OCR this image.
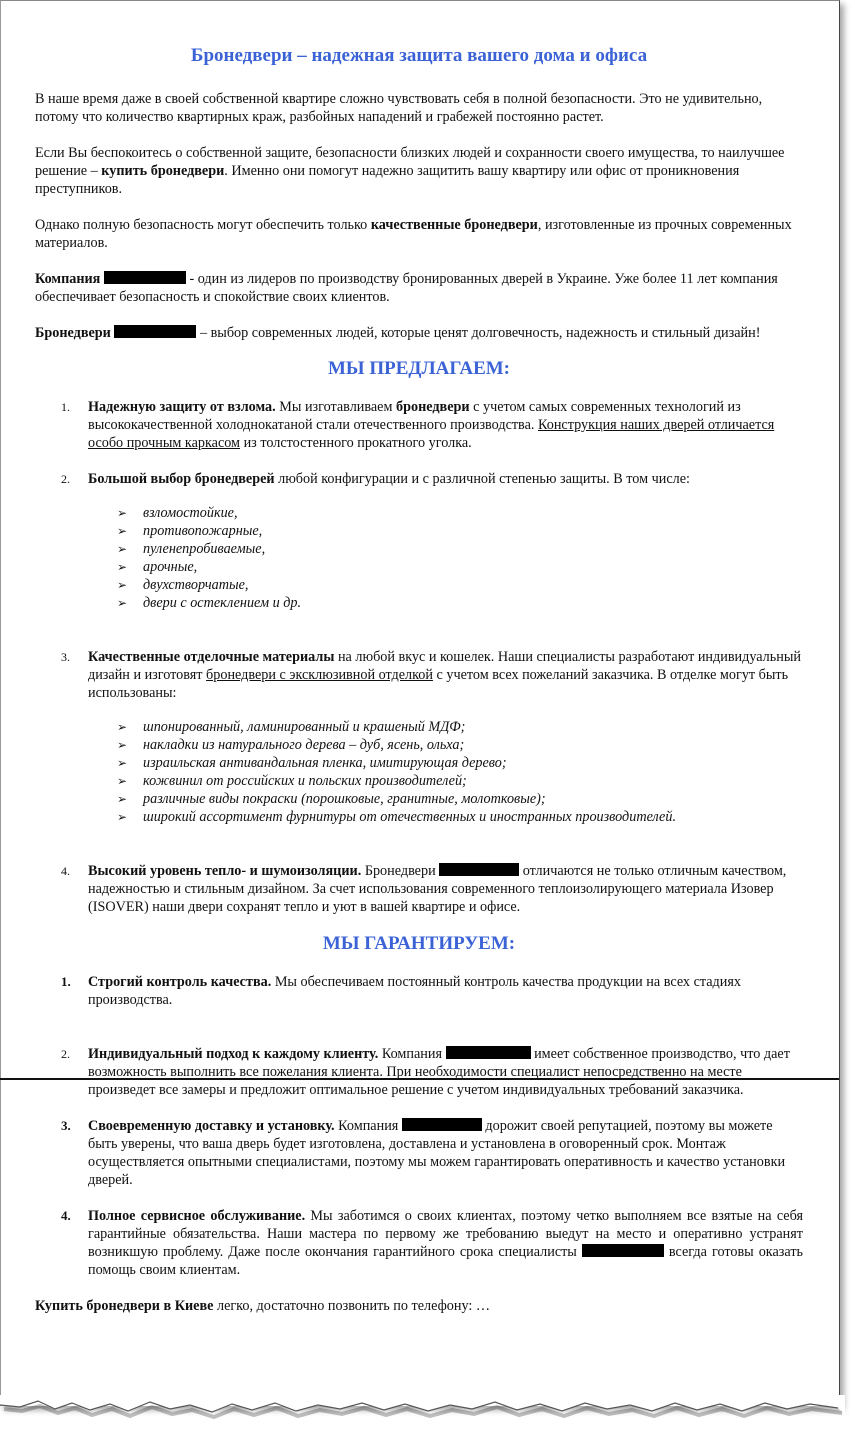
Бронедвери – надежная защита вашего дома и офиса

В наше время даже в своей собственной квартире сложно чувствовать себя в полной безопасности. Это не удивительно, потому что количество квартирных краж, разбойных нападений и грабежей постоянно растет.

Если Вы беспокоитесь о собственной защите, безопасности близких людей и сохранности своего имущества, то наилучшее решение – купить бронедвери. Именно они помогут надежно защитить вашу квартиру или офис от проникновения преступников.

Однако полную безопасность могут обеспечить только качественные бронедвери, изготовленные из прочных современных материалов.

Компания	- один из лидеров по производству бронированных дверей в Украине. Уже более 11 лет компания обеспечивает безопасность и спокойствие своих клиентов.

Бронедвери	– выбор современных людей, которые ценят долговечность, надежность и стильный дизайн!

МЫ ПРЕДЛАГАЕМ:
1. Надежную защиту от взлома. Мы изготавливаем бронедвери с учетом самых современных технологий из высококачественной холоднокатаной стали отечественного производства. Конструкция наших дверей отличается особо прочным каркасом из толстостенного прокатного уголка.
2. Большой выбор бронедверей любой конфигурации и с различной степенью защиты. В том числе:
➢ взломостойкие,
➢ противопожарные,
➢ пуленепробиваемые,
➢ арочные,
➢ двухстворчатые,
➢ двери с остеклением и др.
3. Качественные отделочные материалы на любой вкус и кошелек. Наши специалисты разработают индивидуальный дизайн и изготовят бронедвери с эксклюзивной отделкой с учетом всех пожеланий заказчика. В отделке могут быть использованы:
➢ шпонированный, ламинированный и крашеный МДФ;
➢ накладки из натурального дерева – дуб, ясень, ольха;
➢ израильская антивандальная пленка, имитирующая дерево;
➢ кожвинил от российских и польских производителей;
➢ различные виды покраски (порошковые, гранитные, молотковые);
➢ широкий ассортимент фурнитуры от отечественных и иностранных производителей.
4. Высокий уровень тепло- и шумоизоляции. Бронедвери	отличаются не только отличным качеством, надежностью и стильным дизайном. За счет использования современного теплоизолирующего материала Изовер (ISOVER) наши двери сохранят тепло и уют в вашей квартире и офисе.
МЫ ГАРАНТИРУЕМ:
1. Строгий контроль качества. Мы обеспечиваем постоянный контроль качества продукции на всех стадиях производства.
2. Индивидуальный подход к каждому клиенту. Компания	имеет собственное производство, что дает возможность выполнить все пожелания клиента. При необходимости специалист непосредственно на месте произведет все замеры и предложит оптимальное решение с учетом индивидуальных требований заказчика.
3. Своевременную доставку и установку. Компания	дорожит своей репутацией, поэтому вы можете быть уверены, что ваша дверь будет изготовлена, доставлена и установлена в оговоренный срок. Монтаж осуществляется опытными специалистами, поэтому мы можем гарантировать оперативность и качество установки дверей.
4. Полное сервисное обслуживание. Мы заботимся о своих клиентах, поэтому четко выполняем все взятые на себя гарантийные обязательства. Наши мастера по первому же требованию выедут на место и оперативно устранят возникшую проблему. Даже после окончания гарантийного срока специалисты	всегда готовы оказать помощь своим клиентам.

Купить бронедвери в Киеве легко, достаточно позвонить по телефону: …
